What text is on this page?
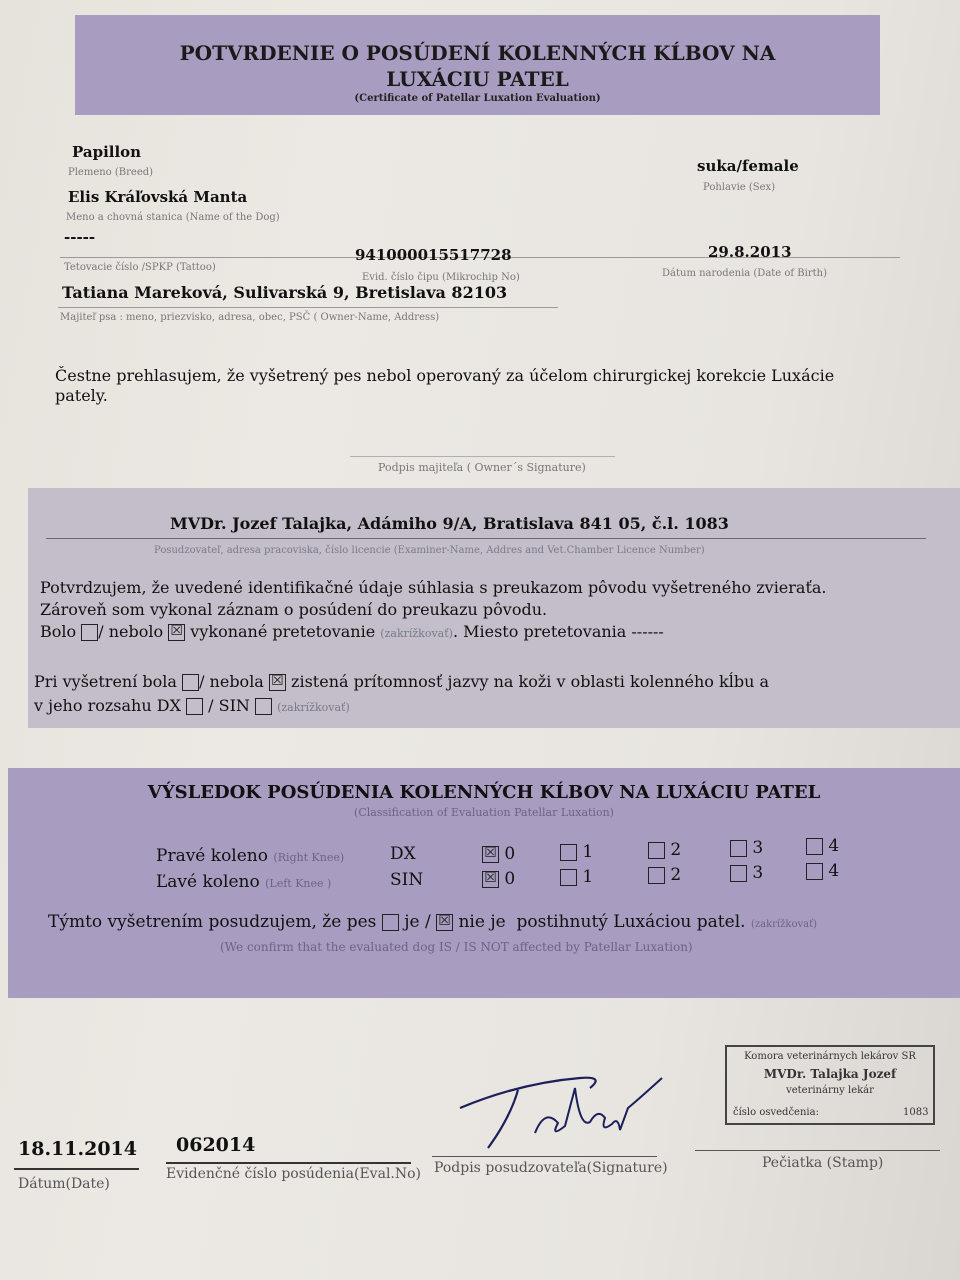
POTVRDENIE O POSÚDENÍ KOLENNÝCH KĹBOV NA
LUXÁCIU PATEL
(Certificate of Patellar Luxation Evaluation)
Papillon
Plemeno (Breed)	suka/female
Pohlavie (Sex)
Elis Kráľovská Manta
Meno a chovná stanica (Name of the Dog)
-----
Tetovacie číslo /SPKP (Tattoo)
941000015517728
Evid. číslo čipu (Mikrochip No)
29.8.2013
Dátum narodenia (Date of Birth)
Tatiana Mareková, Sulivarská 9, Bretislava 82103
Majiteľ psa : meno, priezvisko, adresa, obec, PSČ ( Owner-Name, Address)
Čestne prehlasujem, že vyšetrený pes nebol operovaný za účelom chirurgickej korekcie Luxácie
pately.
Podpis majiteľa ( Owner´s Signature)
MVDr. Jozef Talajka, Adámiho 9/A, Bratislava 841 05, č.l. 1083
Posudzovateľ, adresa pracoviska, číslo licencie (Examiner-Name, Addres and Vet.Chamber Licence Number)
Potvrdzujem, že uvedené identifikačné údaje súhlasia s preukazom pôvodu vyšetreného zvieraťa.
Zároveň som vykonal záznam o posúdení do preukazu pôvodu.
Bolo / nebolo ☒ vykonané pretetovanie (zakrížkovať). Miesto pretetovania ------
Pri vyšetrení bola / nebola ☒ zistená prítomnosť jazvy na koži v oblasti kolenného kĺbu a
v jeho rozsahu DX / SIN (zakrížkovať)
VÝSLEDOK POSÚDENIA KOLENNÝCH KĹBOV NA LUXÁCIU PATEL
(Classification of Evaluation Patellar Luxation)
Pravé koleno (Right Knee)	DX	☒ 0	1	2	3	4
Ľavé koleno (Left Knee )	SIN	☒ 0	1	2	3	4
Týmto vyšetrením posudzujem, že pes je / ☒ nie je postihnutý Luxáciou patel. (zakrížkovať)
(We confirm that the evaluated dog IS / IS NOT affected by Patellar Luxation)
18.11.2014
Dátum(Date)
062014
Evidenčné číslo posúdenia(Eval.No) Podpis posudzovateľa(Signature)
Komora veterinárnych lekárov SR
MVDr. Talajka Jozef
veterinárny lekár
číslo osvedčenia:	1083
Pečiatka (Stamp)
